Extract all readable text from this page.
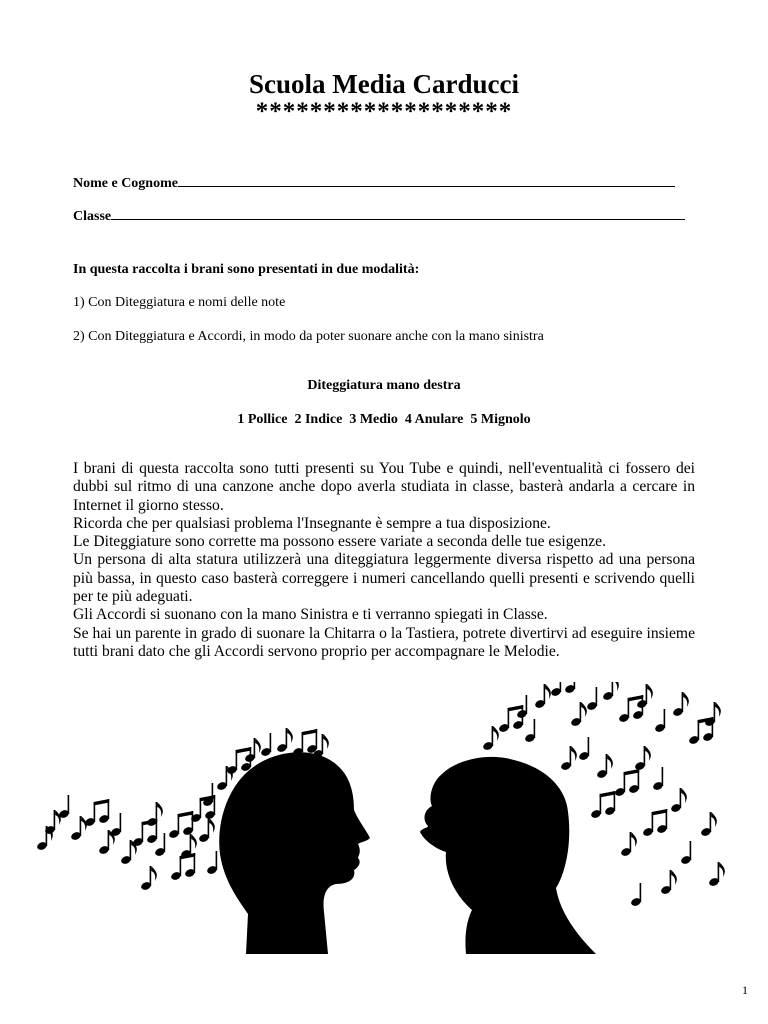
Scuola Media Carducci
*******************
Nome e Cognome
Classe
In questa raccolta i brani sono presentati in due modalità:
1) Con Diteggiatura e nomi delle note
2) Con Diteggiatura e Accordi, in modo da poter suonare anche con la mano sinistra
Diteggiatura mano destra
1 Pollice  2 Indice  3 Medio  4 Anulare  5 Mignolo

I brani di questa raccolta sono tutti presenti su You Tube e quindi, nell'eventualità ci fossero dei dubbi sul ritmo di una canzone anche dopo averla studiata in classe, basterà andarla a cercare in Internet il giorno stesso.

Ricorda che per qualsiasi problema l'Insegnante è sempre a tua disposizione.

Le Diteggiature sono corrette ma possono essere variate a seconda delle tue esigenze.

Un persona di alta statura utilizzerà una diteggiatura leggermente diversa rispetto ad una persona più bassa, in questo caso basterà correggere i numeri cancellando quelli presenti e scrivendo quelli per te più adeguati.

Gli Accordi si suonano con la mano Sinistra e ti verranno spiegati in Classe.

Se hai un parente in grado di suonare la Chitarra o la Tastiera, potrete divertirvi ad eseguire insieme tutti brani dato che gli Accordi servono proprio per accompagnare le Melodie.

1
